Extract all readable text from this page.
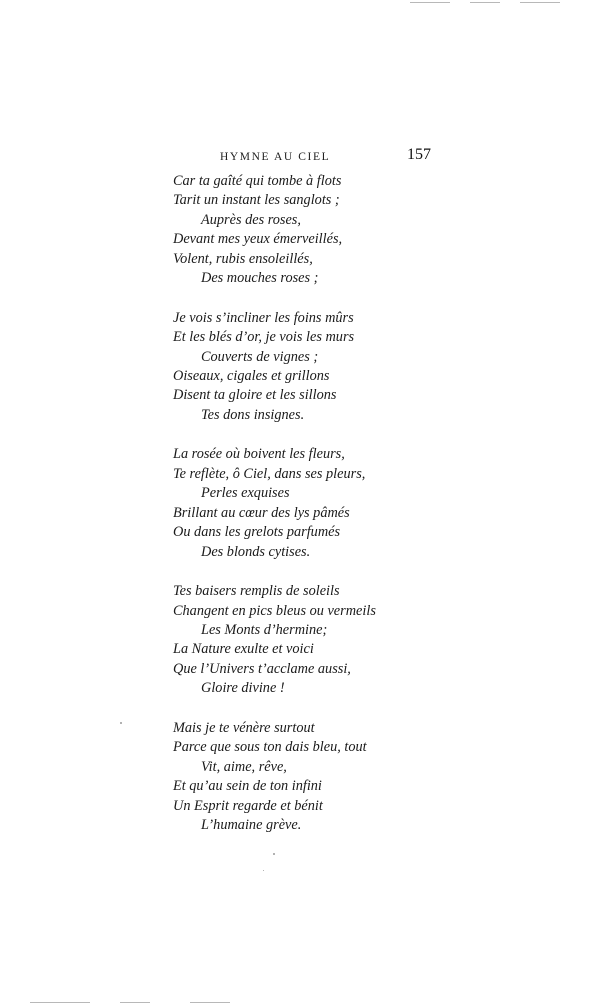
HYMNE AU CIEL	157
Car ta gaîté qui tombe à flots
Tarit un instant les sanglots ;
Auprès des roses,
Devant mes yeux émerveillés,
Volent, rubis ensoleillés,
Des mouches roses ;
Je vois s’incliner les foins mûrs
Et les blés d’or, je vois les murs
Couverts de vignes ;
Oiseaux, cigales et grillons
Disent ta gloire et les sillons
Tes dons insignes.
La rosée où boivent les fleurs,
Te reflète, ô Ciel, dans ses pleurs,
Perles exquises
Brillant au cœur des lys pâmés
Ou dans les grelots parfumés
Des blonds cytises.
Tes baisers remplis de soleils
Changent en pics bleus ou vermeils
Les Monts d’hermine;
La Nature exulte et voici
Que l’Univers t’acclame aussi,
Gloire divine !
Mais je te vénère surtout
Parce que sous ton dais bleu, tout
Vit, aime, rêve,
Et qu’au sein de ton infini
Un Esprit regarde et bénit
L’humaine grève.
